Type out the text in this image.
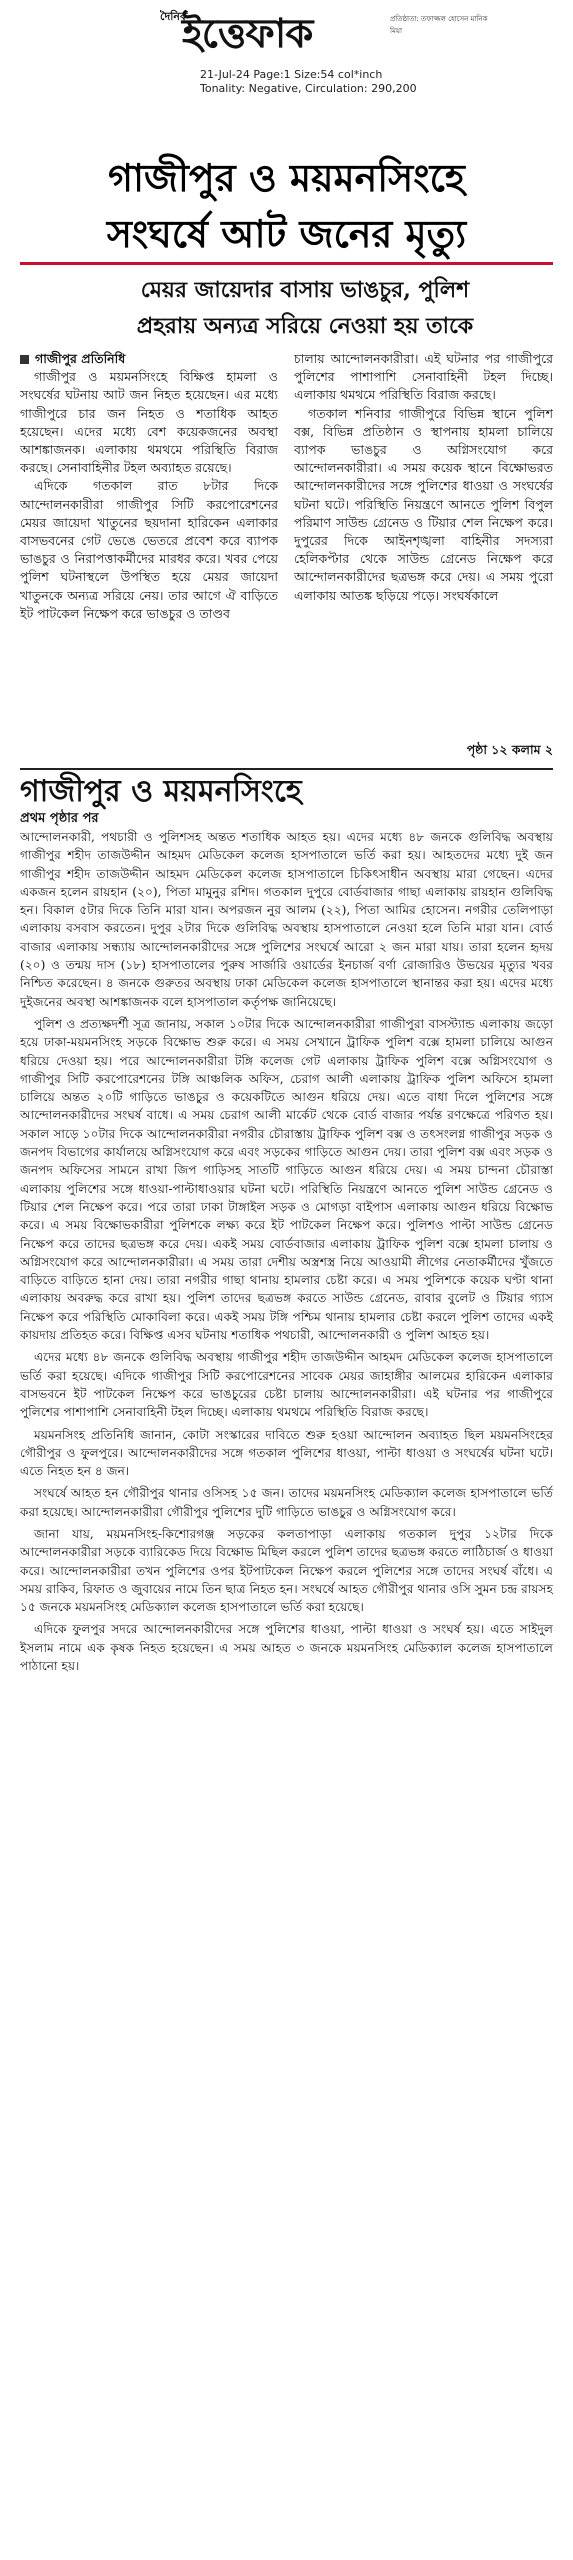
দৈনিক
ইত্তেফাক	প্রতিষ্ঠাতা: তফাজ্জল হোসেন মানিক মিয়া
21-Jul-24 Page:1 Size:54 col*inch
Tonality: Negative, Circulation: 290,200
গাজীপুর ও ময়মনসিংহে
সংঘর্ষে আট জনের মৃত্যু
মেয়র জায়েদার বাসায় ভাঙচুর, পুলিশ
প্রহরায় অন্যত্র সরিয়ে নেওয়া হয় তাকে
গাজীপুর প্রতিনিধি

গাজীপুর ও ময়মনসিংহে বিক্ষিপ্ত হামলা ও সংঘর্ষের ঘটনায় আট জন নিহত হয়েছেন। এর মধ্যে গাজীপুরে চার জন নিহত ও শতাধিক আহত হয়েছেন। এদের মধ্যে বেশ কয়েকজনের অবস্থা আশঙ্কাজনক। এলাকায় থমথমে পরিস্থিতি বিরাজ করছে। সেনাবাহিনীর টহল অব্যাহত রয়েছে।

এদিকে গতকাল রাত ৮টার দিকে আন্দোলনকারীরা গাজীপুর সিটি করপোরেশনের মেয়র জায়েদা খাতুনের ছয়দানা হারিকেন এলাকার বাসভবনের গেট ভেঙে ভেতরে প্রবেশ করে ব্যাপক ভাঙচুর ও নিরাপত্তাকর্মীদের মারধর করে। খবর পেয়ে পুলিশ ঘটনাস্থলে উপস্থিত হয়ে মেয়র জায়েদা খাতুনকে অন্যত্র সরিয়ে নেয়। তার আগে ঐ বাড়িতে ইট পাটকেল নিক্ষেপ করে ভাঙচুর ও তাণ্ডব

চালায় আন্দোলনকারীরা। এই ঘটনার পর গাজীপুরে পুলিশের পাশাপাশি সেনাবাহিনী টহল দিচ্ছে। এলাকায় থমথমে পরিস্থিতি বিরাজ করছে।

গতকাল শনিবার গাজীপুরে বিভিন্ন স্থানে পুলিশ বক্স, বিভিন্ন প্রতিষ্ঠান ও স্থাপনায় হামলা চালিয়ে ব্যাপক ভাঙচুর ও অগ্নিসংযোগ করে আন্দোলনকারীরা। এ সময় কয়েক স্থানে বিক্ষোভরত আন্দোলনকারীদের সঙ্গে পুলিশের ধাওয়া ও সংঘর্ষের ঘটনা ঘটে। পরিস্থিতি নিয়ন্ত্রণে আনতে পুলিশ বিপুল পরিমাণ সাউন্ড গ্রেনেড ও টিয়ার শেল নিক্ষেপ করে। দুপুরের দিকে আইনশৃঙ্খলা বাহিনীর সদস্যরা হেলিকপ্টার থেকে সাউন্ড গ্রেনেড নিক্ষেপ করে আন্দোলনকারীদের ছত্রভঙ্গ করে দেয়। এ সময় পুরো এলাকায় আতঙ্ক ছড়িয়ে পড়ে। সংঘর্ষকালে

পৃষ্ঠা ১২ কলাম ২
গাজীপুর ও ময়মনসিংহে
প্রথম পৃষ্ঠার পর

আন্দোলনকারী, পথচারী ও পুলিশসহ অন্তত শতাধিক আহত হয়। এদের মধ্যে ৪৮ জনকে গুলিবিদ্ধ অবস্থায় গাজীপুর শহীদ তাজউদ্দীন আহমদ মেডিকেল কলেজ হাসপাতালে ভর্তি করা হয়। আহতদের মধ্যে দুই জন গাজীপুর শহীদ তাজউদ্দীন আহমদ মেডিকেল কলেজ হাসপাতালে চিকিৎসাধীন অবস্থায় মারা গেছেন। এদের একজন হলেন রায়হান (২০), পিতা মামুনুর রশিদ। গতকাল দুপুরে বোর্ডবাজার গাছা এলাকায় রায়হান গুলিবিদ্ধ হন। বিকাল ৫টার দিকে তিনি মারা যান। অপরজন নুর আলম (২২), পিতা আমির হোসেন। নগরীর তেলিপাড়া এলাকায় বসবাস করতেন। দুপুর ২টার দিকে গুলিবিদ্ধ অবস্থায় হাসপাতালে নেওয়া হলে তিনি মারা যান। বোর্ড বাজার এলাকায় সন্ধ্যায় আন্দোলনকারীদের সঙ্গে পুলিশের সংঘর্ষে আরো ২ জন মারা যায়। তারা হলেন হৃদয় (২০) ও তন্ময় দাস (১৮) হাসপাতালের পুরুষ সার্জারি ওয়ার্ডের ইনচার্জ বর্ণা রোজারিও উভয়ের মৃত্যুর খবর নিশ্চিত করেছেন। ৪ জনকে গুরুতর অবস্থায় ঢাকা মেডিকেল কলেজ হাসপাতালে স্থানান্তর করা হয়। এদের মধ্যে দুইজনের অবস্থা আশঙ্কাজনক বলে হাসপাতাল কর্তৃপক্ষ জানিয়েছে।

পুলিশ ও প্রত্যক্ষদর্শী সূত্র জানায়, সকাল ১০টার দিকে আন্দোলনকারীরা গাজীপুরা বাসস্ট্যান্ড এলাকায় জড়ো হয়ে ঢাকা-ময়মনসিংহ সড়কে বিক্ষোভ শুরু করে। এ সময় সেখানে ট্রাফিক পুলিশ বক্সে হামলা চালিয়ে আগুন ধরিয়ে দেওয়া হয়। পরে আন্দোলনকারীরা টঙ্গি কলেজ গেট এলাকায় ট্রাফিক পুলিশ বক্সে অগ্নিসংযোগ ও গাজীপুর সিটি করপোরেশনের টঙ্গি আঞ্চলিক অফিস, চেরাগ আলী এলাকায় ট্রাফিক পুলিশ অফিসে হামলা চালিয়ে অন্তত ২০টি গাড়িতে ভাঙচুর ও কয়েকটিতে আগুন ধরিয়ে দেয়। এতে বাধা দিলে পুলিশের সঙ্গে আন্দোলনকারীদের সংঘর্ষ বাধে। এ সময় চেরাগ আলী মার্কেট থেকে বোর্ড বাজার পর্যন্ত রণক্ষেত্রে পরিণত হয়। সকাল সাড়ে ১০টার দিকে আন্দোলনকারীরা নগরীর চৌরাস্তায় ট্রাফিক পুলিশ বক্স ও তৎসংলগ্ন গাজীপুর সড়ক ও জনপদ বিভাগের কার্যালয়ে অগ্নিসংযোগ করে এবং সড়কের গাড়িতে আগুন দেয়। তারা পুলিশ বক্স এবং সড়ক ও জনপদ অফিসের সামনে রাখা জিপ গাড়িসহ সাতটি গাড়িতে আগুন ধরিয়ে দেয়। এ সময় চান্দনা চৌরাস্তা এলাকায় পুলিশের সঙ্গে ধাওয়া-পাল্টাধাওয়ার ঘটনা ঘটে। পরিস্থিতি নিয়ন্ত্রণে আনতে পুলিশ সাউন্ড গ্রেনেড ও টিয়ার শেল নিক্ষেপ করে। পরে তারা ঢাকা টাঙ্গাইল সড়ক ও মোগড়া বাইপাস এলাকায় আগুন ধরিয়ে বিক্ষোভ করে। এ সময় বিক্ষোভকারীরা পুলিশকে লক্ষ্য করে ইট পাটকেল নিক্ষেপ করে। পুলিশও পাল্টা সাউন্ড গ্রেনেড নিক্ষেপ করে তাদের ছত্রভঙ্গ করে দেয়। একই সময় বোর্ডবাজার এলাকায় ট্রাফিক পুলিশ বক্সে হামলা চালায় ও অগ্নিসংযোগ করে আন্দোলনকারীরা। এ সময় তারা দেশীয় অস্ত্রশস্ত্র নিয়ে আওয়ামী লীগের নেতাকর্মীদের খুঁজতে বাড়িতে বাড়িতে হানা দেয়। তারা নগরীর গাছা থানায় হামলার চেষ্টা করে। এ সময় পুলিশকে কয়েক ঘণ্টা থানা এলাকায় অবরুদ্ধ করে রাখা হয়। পুলিশ তাদের ছত্রভঙ্গ করতে সাউন্ড গ্রেনেড, রাবার বুলেট ও টিয়ার গ্যাস নিক্ষেপ করে পরিস্থিতি মোকাবিলা করে। একই সময় টঙ্গি পশ্চিম থানায় হামলার চেষ্টা করলে পুলিশ তাদের একই কায়দায় প্রতিহত করে। বিক্ষিপ্ত এসব ঘটনায় শতাধিক পথচারী, আন্দোলনকারী ও পুলিশ আহত হয়।

এদের মধ্যে ৪৮ জনকে গুলিবিদ্ধ অবস্থায় গাজীপুর শহীদ তাজউদ্দীন আহমদ মেডিকেল কলেজ হাসপাতালে ভর্তি করা হয়েছে। এদিকে গাজীপুর সিটি করপোরেশনের সাবেক মেয়র জাহাঙ্গীর আলমের হারিকেন এলাকার বাসভবনে ইট পাটকেল নিক্ষেপ করে ভাঙচুরের চেষ্টা চালায় আন্দোলনকারীরা। এই ঘটনার পর গাজীপুরে পুলিশের পাশাপাশি সেনাবাহিনী টহল দিচ্ছে। এলাকায় থমথমে পরিস্থিতি বিরাজ করছে।

ময়মনসিংহ প্রতিনিধি জানান, কোটা সংস্কারের দাবিতে শুরু হওয়া আন্দোলন অব্যাহত ছিল ময়মনসিংহের গৌরীপুর ও ফুলপুরে। আন্দোলনকারীদের সঙ্গে গতকাল পুলিশের ধাওয়া, পাল্টা ধাওয়া ও সংঘর্ষের ঘটনা ঘটে। এতে নিহত হন ৪ জন।

সংঘর্ষে আহত হন গৌরীপুর থানার ওসিসহ ১৫ জন। তাদের ময়মনসিংহ মেডিক্যাল কলেজ হাসপাতালে ভর্তি করা হয়েছে। আন্দোলনকারীরা গৌরীপুর পুলিশের দুটি গাড়িতে ভাঙচুর ও অগ্নিসংযোগ করে।

জানা যায়, ময়মনসিংহ-কিশোরগঞ্জ সড়কের কলতাপাড়া এলাকায় গতকাল দুপুর ১২টার দিকে আন্দোলনকারীরা সড়কে ব্যারিকেড দিয়ে বিক্ষোভ মিছিল করলে পুলিশ তাদের ছত্রভঙ্গ করতে লাঠিচার্জ ও ধাওয়া করে। আন্দোলনকারীরা তখন পুলিশের ওপর ইটপাটকেল নিক্ষেপ করলে পুলিশের সঙ্গে তাদের সংঘর্ষ বাঁধে। এ সময় রাকিব, রিফাত ও জুবায়ের নামে তিন ছাত্র নিহত হন। সংঘর্ষে আহত গৌরীপুর থানার ওসি সুমন চন্দ্র রায়সহ ১৫ জনকে ময়মনসিংহ মেডিক্যাল কলেজ হাসপাতালে ভর্তি করা হয়েছে।

এদিকে ফুলপুর সদরে আন্দোলনকারীদের সঙ্গে পুলিশের ধাওয়া, পাল্টা ধাওয়া ও সংঘর্ষ হয়। এতে সাইদুল ইসলাম নামে এক কৃষক নিহত হয়েছেন। এ সময় আহত ৩ জনকে ময়মনসিংহ মেডিক্যাল কলেজ হাসপাতালে পাঠানো হয়।
